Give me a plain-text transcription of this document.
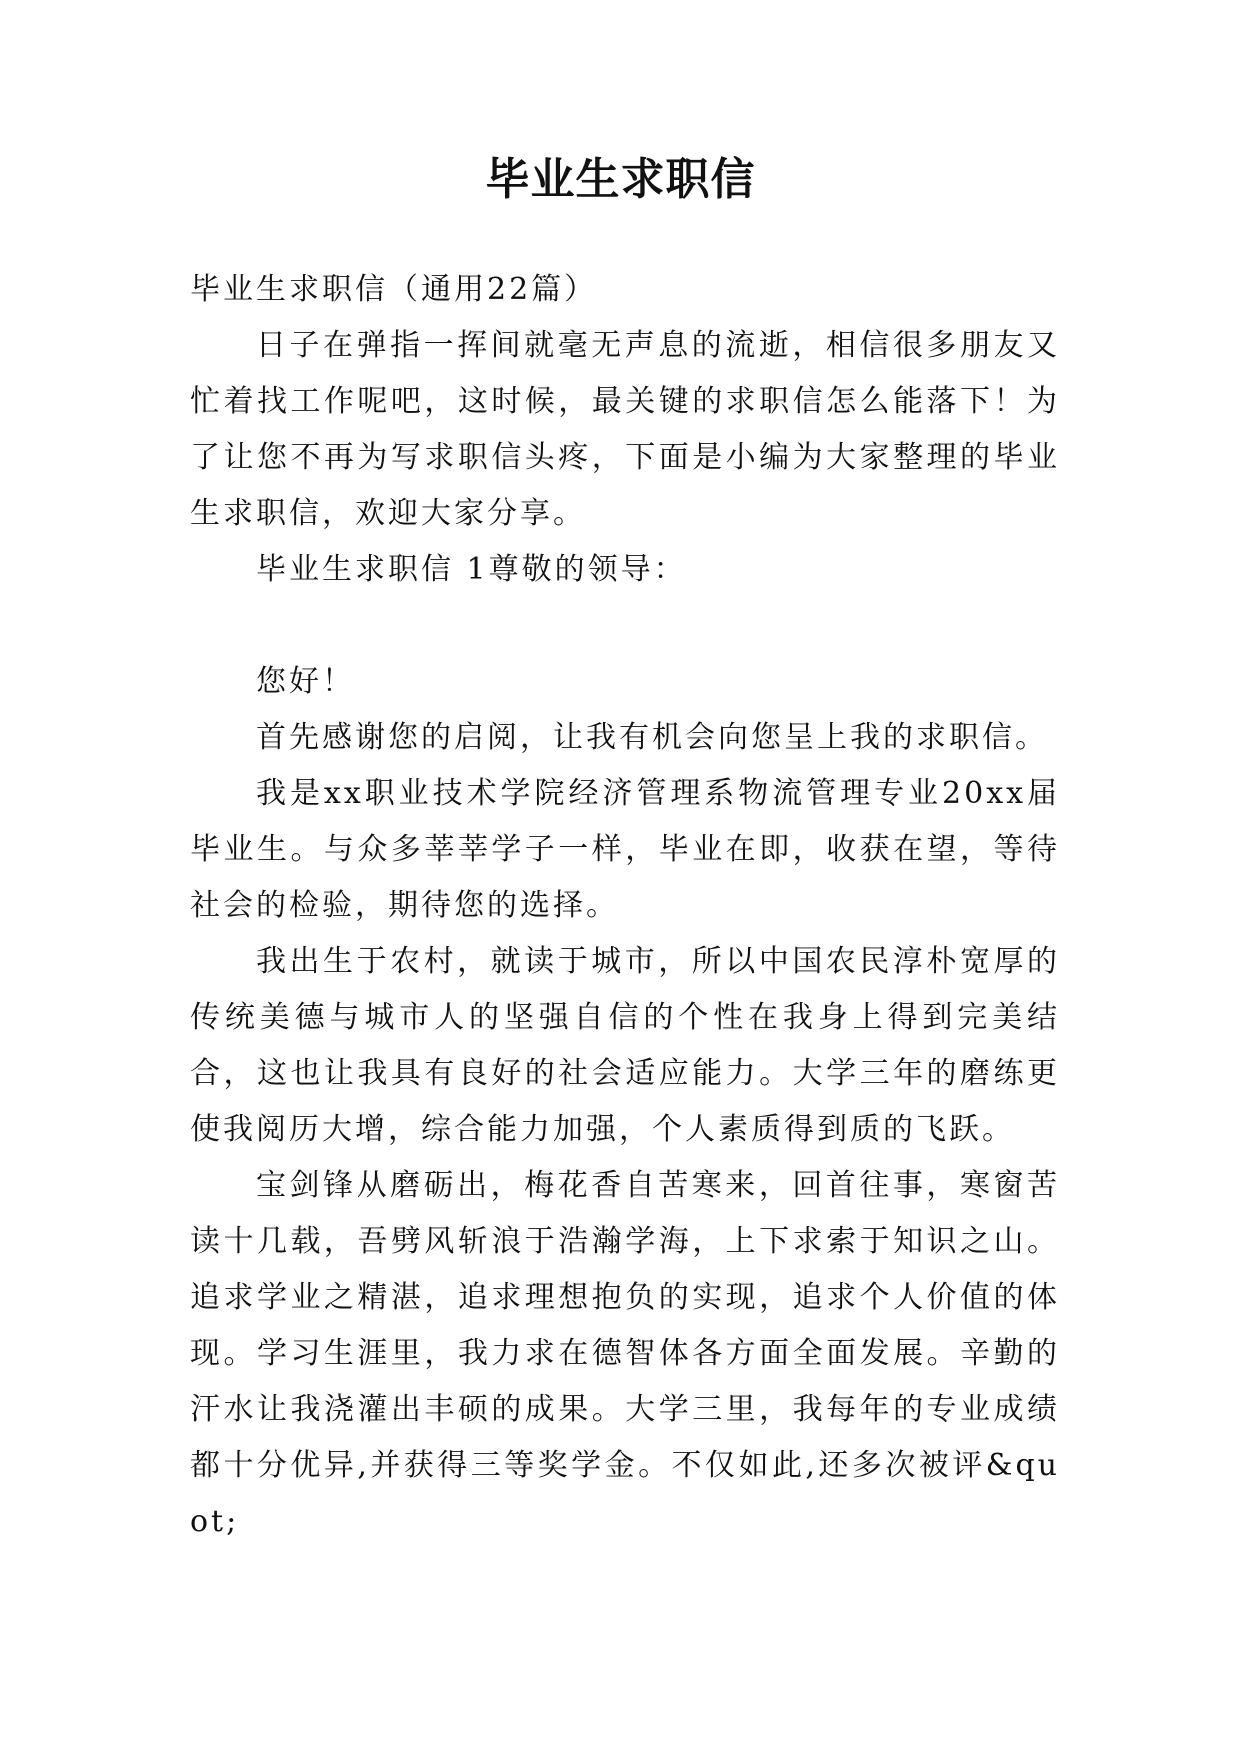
毕业生求职信

毕业生求职信（通用22篇）

日子在弹指一挥间就毫无声息的流逝，相信很多朋友又忙着找工作呢吧，这时候，最关键的求职信怎么能落下！为了让您不再为写求职信头疼，下面是小编为大家整理的毕业生求职信，欢迎大家分享。

毕业生求职信 1尊敬的领导：

您好！

首先感谢您的启阅，让我有机会向您呈上我的求职信。

我是xx职业技术学院经济管理系物流管理专业20xx届毕业生。与众多莘莘学子一样，毕业在即，收获在望，等待社会的检验，期待您的选择。

我出生于农村，就读于城市，所以中国农民淳朴宽厚的传统美德与城市人的坚强自信的个性在我身上得到完美结合，这也让我具有良好的社会适应能力。大学三年的磨练更使我阅历大增，综合能力加强，个人素质得到质的飞跃。

宝剑锋从磨砺出，梅花香自苦寒来，回首往事，寒窗苦读十几载，吾劈风斩浪于浩瀚学海，上下求索于知识之山。追求学业之精湛，追求理想抱负的实现，追求个人价值的体现。学习生涯里，我力求在德智体各方面全面发展。辛勤的汗水让我浇灌出丰硕的成果。大学三里，我每年的专业成绩都十分优异,并获得三等奖学金。不仅如此,还多次被评&quot;
